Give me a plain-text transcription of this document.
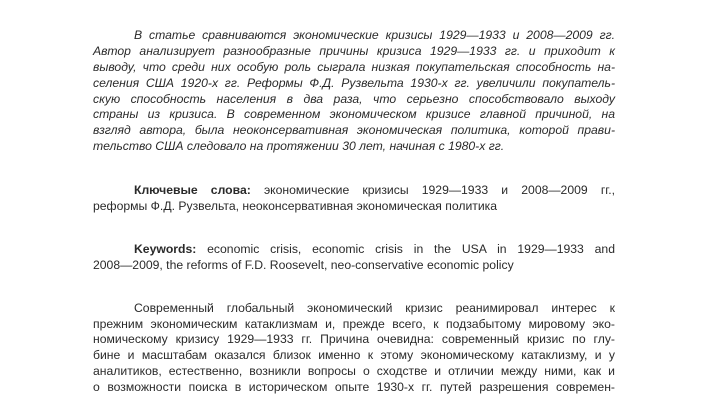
В статье сравниваются экономические кризисы 1929—1933 и 2008—2009 гг.
Автор анализирует разнообразные причины кризиса 1929—1933 гг. и приходит к
выводу, что среди них особую роль сыграла низкая покупательская способность на-
селения США 1920-х гг. Реформы Ф.Д. Рузвельта 1930-х гг. увеличили покупатель-
скую способность населения в два раза, что серьезно способствовало выходу
страны из кризиса. В современном экономическом кризисе главной причиной, на
взгляд автора, была неоконсервативная экономическая политика, которой прави-
тельство США следовало на протяжении 30 лет, начиная с 1980-х гг.
Ключевые слова: экономические кризисы 1929—1933 и 2008—2009 гг.,
реформы Ф.Д. Рузвельта, неоконсервативная экономическая политика
Keywords: economic crisis, economic crisis in the USA in 1929—1933 and
2008—2009, the reforms of F.D. Roosevelt, neo-conservative economic policy
Современный глобальный экономический кризис реанимировал интерес к
прежним экономическим катаклизмам и, прежде всего, к подзабытому мировому эко-
номическому кризису 1929—1933 гг. Причина очевидна: современный кризис по глу-
бине и масштабам оказался близок именно к этому экономическому катаклизму, и у
аналитиков, естественно, возникли вопросы о сходстве и отличии между ними, как и
о возможности поиска в историческом опыте 1930-х гг. путей разрешения современ-
